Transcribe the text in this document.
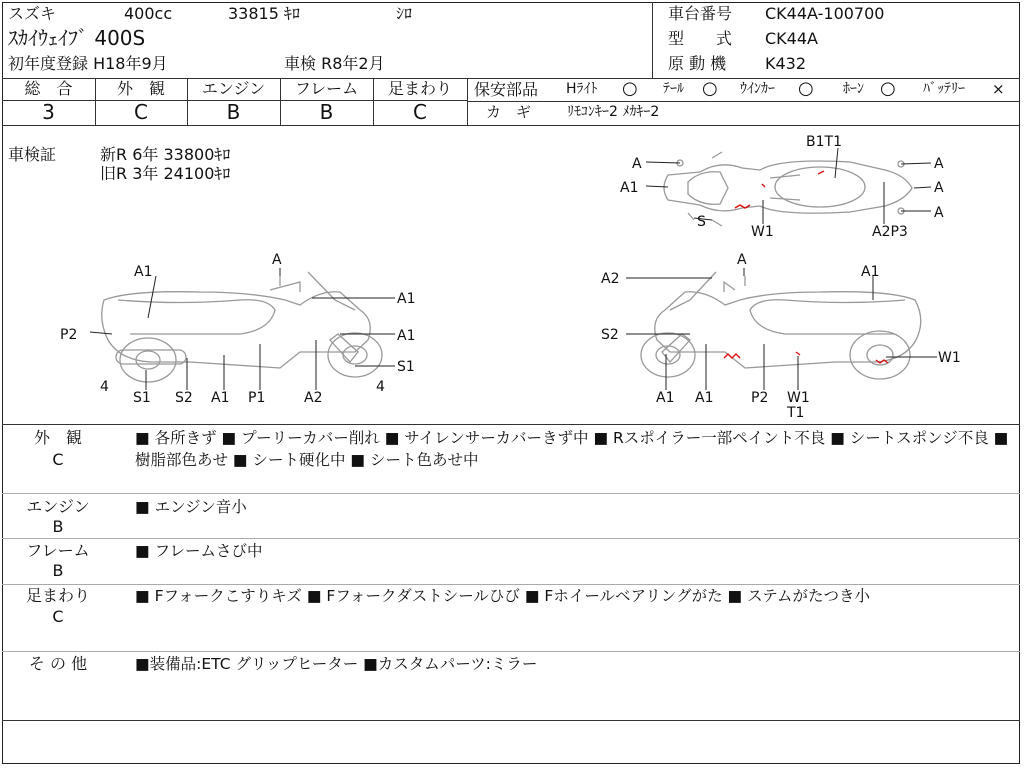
スズキ	400cc	33815 ｷﾛ	ｼﾛ
ｽｶｲｳｪｲﾌﾞ 400S
初年度登録 H18年9月	車検 R8年2月
車台番号 CK44A-100700
型　　式 CK44A
原 動 機 K432
総　合
3
外　観
C
エンジン
B
フレーム
B
足まわり
C
保安部品 Hﾗｲﾄ ○ ﾃｰﾙ ○ ｳｲﾝｶｰ ○ ﾎｰﾝ ○ ﾊﾞｯﾃﾘｰ ×
カ　ギ	ﾘﾓｺﾝｷｰ2 ﾒｶｷｰ2
車検証	新R 6年 33800ｷﾛ
旧R 3年 24100ｷﾛ
B1T1
A
A1
S
W1
A
A
A
A2P3
A
A1
A1
P2	A1
S1
4	4
S1 S2 A1 P1	A2
A
A2	A1
S2
W1
A1 A1	P2 W1
T1
外　観
C
■ 各所きず ■ プーリーカバー削れ ■ サイレンサーカバーきず中 ■ Rスポイラー一部ペイント不良 ■ シートスポンジ不良 ■ 樹脂部色あせ ■ シート硬化中 ■ シート色あせ中
エンジン
B
■ エンジン音小
フレーム
B
■ フレームさび中
足まわり
C
■ Fフォークこすりキズ ■ Fフォークダストシールひび ■ Fホイールベアリングがた ■ ステムがたつき小
そ の 他	■装備品:ETC グリップヒーター ■カスタムパーツ:ミラー
